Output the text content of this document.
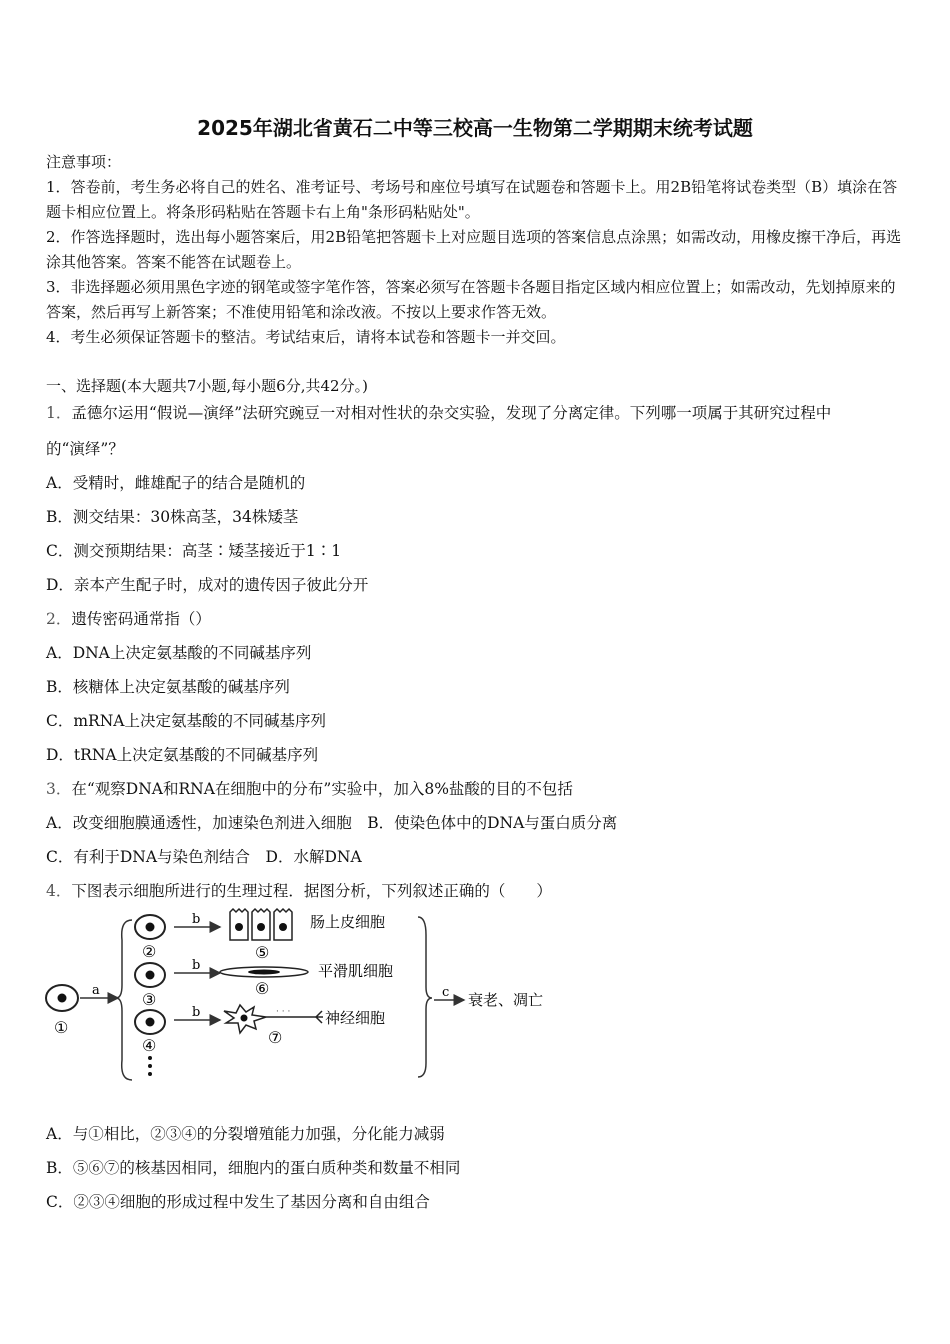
2025年湖北省黄石二中等三校高一生物第二学期期末统考试题
注意事项：
1．答卷前，考生务必将自己的姓名、准考证号、考场号和座位号填写在试题卷和答题卡上。用2B铅笔将试卷类型（B）填涂在答题卡相应位置上。将条形码粘贴在答题卡右上角"条形码粘贴处"。
2．作答选择题时，选出每小题答案后，用2B铅笔把答题卡上对应题目选项的答案信息点涂黑；如需改动，用橡皮擦干净后，再选涂其他答案。答案不能答在试题卷上。
3．非选择题必须用黑色字迹的钢笔或签字笔作答，答案必须写在答题卡各题目指定区域内相应位置上；如需改动，先划掉原来的答案，然后再写上新答案；不准使用铅笔和涂改液。不按以上要求作答无效。
4．考生必须保证答题卡的整洁。考试结束后，请将本试卷和答题卡一并交回。
一、选择题(本大题共7小题,每小题6分,共42分。)
1．孟德尔运用“假说—演绎”法研究豌豆一对相对性状的杂交实验，发现了分离定律。下列哪一项属于其研究过程中
的“演绎”？
A．受精时，雌雄配子的结合是随机的
B．测交结果：30株高茎，34株矮茎
C．测交预期结果：高茎∶矮茎接近于1∶1
D．亲本产生配子时，成对的遗传因子彼此分开
2．遗传密码通常指（）
A．DNA上决定氨基酸的不同碱基序列
B．核糖体上决定氨基酸的碱基序列
C．mRNA上决定氨基酸的不同碱基序列
D．tRNA上决定氨基酸的不同碱基序列
3．在“观察DNA和RNA在细胞中的分布”实验中，加入8%盐酸的目的不包括
A．改变细胞膜通透性，加速染色剂进入细胞　B．使染色体中的DNA与蛋白质分离
C．有利于DNA与染色剂结合　D．水解DNA
4．下图表示细胞所进行的生理过程．据图分析，下列叙述正确的（　　）
①
a
②
③
④
b
b
b
⑤
肠上皮细胞
⑥
平滑肌细胞
· · ·
⑦
神经细胞
c 衰老、凋亡
A．与①相比，②③④的分裂增殖能力加强，分化能力减弱
B．⑤⑥⑦的核基因相同，细胞内的蛋白质种类和数量不相同
C．②③④细胞的形成过程中发生了基因分离和自由组合
